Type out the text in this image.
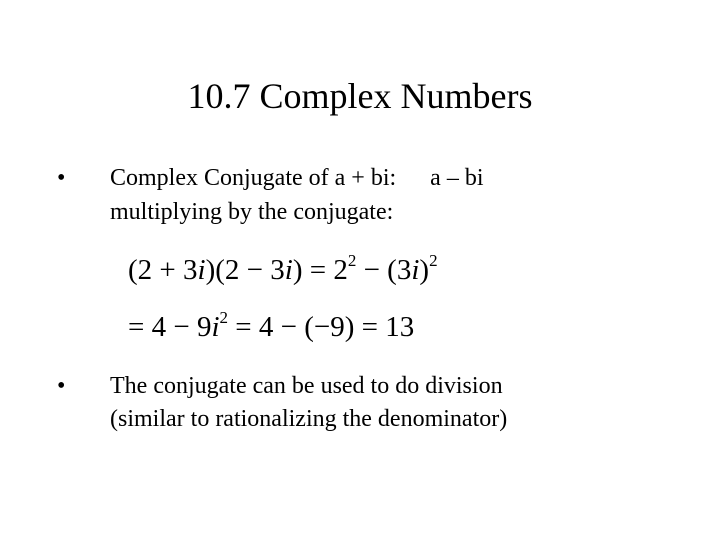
10.7 Complex Numbers
• Complex Conjugate of a + bi: a – bi
multiplying by the conjugate:
$(2 + 3i)(2 - 3i) = 2^2 - (3i)^2$
= $4 - 9i^2 = 4 - (-9) = 13$
• The conjugate can be used to do division
(similar to rationalizing the denominator)
